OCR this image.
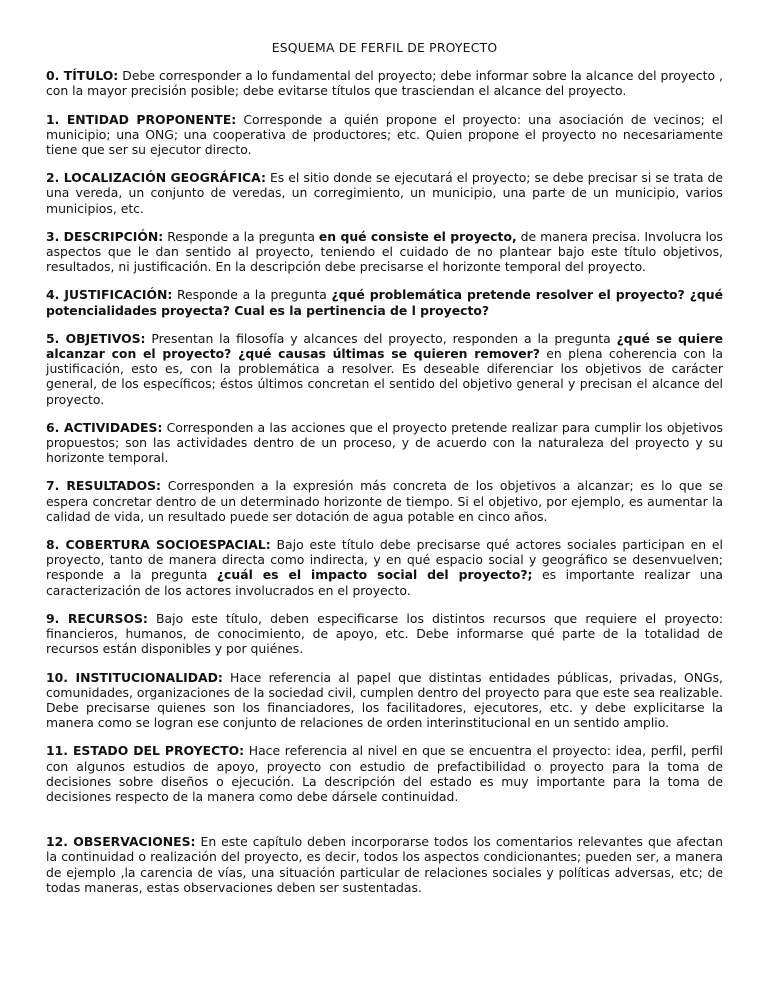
ESQUEMA DE FERFIL DE PROYECTO

0. TÍTULO: Debe corresponder a lo fundamental del proyecto; debe informar sobre la alcance del proyecto , con la mayor precisión posible; debe evitarse títulos que trasciendan el alcance del proyecto.

1. ENTIDAD PROPONENTE: Corresponde a quién propone el proyecto: una asociación de vecinos; el municipio; una ONG; una cooperativa de productores; etc. Quien propone el proyecto no necesariamente tiene que ser su ejecutor directo.

2. LOCALIZACIÓN GEOGRÁFICA: Es el sitio donde se ejecutará el proyecto; se debe precisar si se trata de una vereda, un conjunto de veredas, un corregimiento, un municipio, una parte de un municipio, varios municipios, etc.

3. DESCRIPCIÓN: Responde a la pregunta en qué consiste el proyecto, de manera precisa. Involucra los aspectos que le dan sentido al proyecto, teniendo el cuidado de no plantear bajo este título objetivos, resultados, ni justificación. En la descripción debe precisarse el horizonte temporal del proyecto.

4. JUSTIFICACIÓN: Responde a la pregunta ¿qué problemática pretende resolver el proyecto? ¿qué potencialidades proyecta? Cual es la pertinencia de l proyecto?

5. OBJETIVOS: Presentan la filosofía y alcances del proyecto, responden a la pregunta ¿qué se quiere alcanzar con el proyecto? ¿qué causas últimas se quieren remover? en plena coherencia con la justificación, esto es, con la problemática a resolver. Es deseable diferenciar los objetivos de carácter general, de los específicos; éstos últimos concretan el sentido del objetivo general y precisan el alcance del proyecto.

6. ACTIVIDADES: Corresponden a las acciones que el proyecto pretende realizar para cumplir los objetivos propuestos; son las actividades dentro de un proceso, y de acuerdo con la naturaleza del proyecto y su horizonte temporal.

7. RESULTADOS: Corresponden a la expresión más concreta de los objetivos a alcanzar; es lo que se espera concretar dentro de un determinado horizonte de tiempo. Si el objetivo, por ejemplo, es aumentar la calidad de vida, un resultado puede ser dotación de agua potable en cinco años.

8. COBERTURA SOCIOESPACIAL: Bajo este título debe precisarse qué actores sociales participan en el proyecto, tanto de manera directa como indirecta, y en qué espacio social y geográfico se desenvuelven; responde a la pregunta ¿cuál es el impacto social del proyecto?; es importante realizar una caracterización de los actores involucrados en el proyecto.

9. RECURSOS: Bajo este título, deben especificarse los distintos recursos que requiere el proyecto: financieros, humanos, de conocimiento, de apoyo, etc. Debe informarse qué parte de la totalidad de recursos están disponibles y por quiénes.

10. INSTITUCIONALIDAD: Hace referencia al papel que distintas entidades públicas, privadas, ONGs, comunidades, organizaciones de la sociedad civil, cumplen dentro del proyecto para que este sea realizable. Debe precisarse quienes son los financiadores, los facilitadores, ejecutores, etc. y debe explicitarse la manera como se logran ese conjunto de relaciones de orden interinstitucional en un sentido amplio.

11. ESTADO DEL PROYECTO: Hace referencia al nivel en que se encuentra el proyecto: idea, perfil, perfil con algunos estudios de apoyo, proyecto con estudio de prefactibilidad o proyecto para la toma de decisiones sobre diseños o ejecución. La descripción del estado es muy importante para la toma de decisiones respecto de la manera como debe dársele continuidad.

12. OBSERVACIONES: En este capítulo deben incorporarse todos los comentarios relevantes que afectan la continuidad o realización del proyecto, es decir, todos los aspectos condicionantes; pueden ser, a manera de ejemplo ,la carencia de vías, una situación particular de relaciones sociales y políticas adversas, etc; de todas maneras, estas observaciones deben ser sustentadas.
